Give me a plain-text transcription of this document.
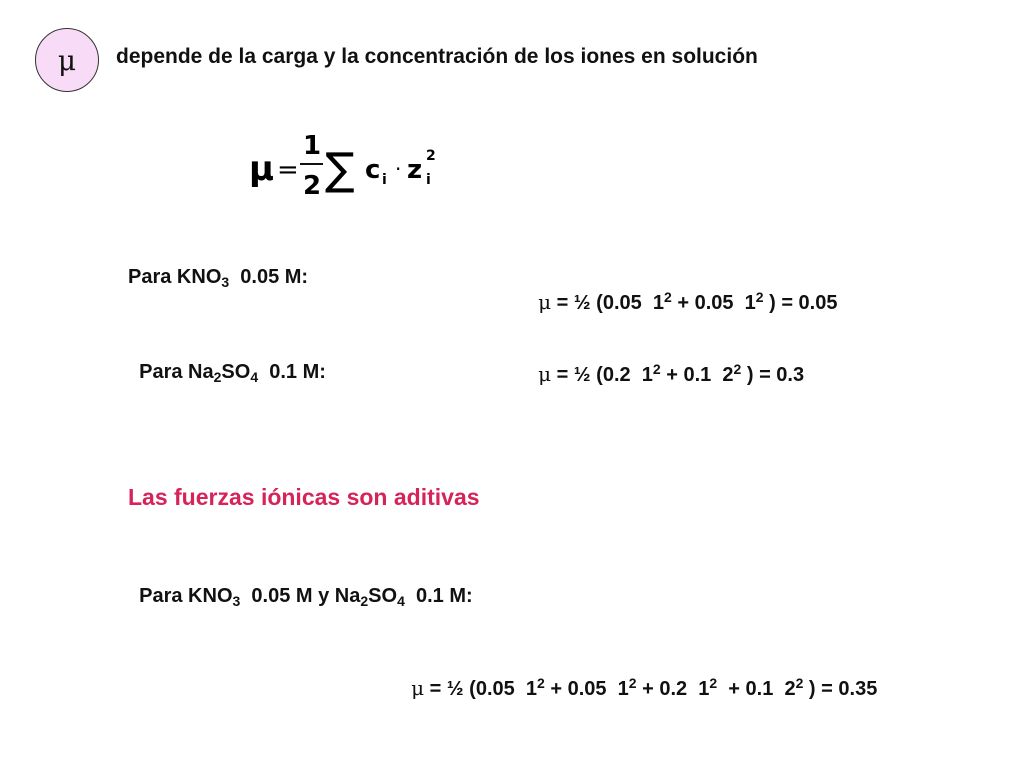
μ depende de la carga y la concentración de los iones en solución
μ =
1
2 ∑ c i · z 2
i
Para $KNO_3$  0.05 M:

μ = ½ (0.05  $1^2 + 0.05$  $1^2$ ) = 0.05

Para $Na_2SO_4$  0.1 M:	μ = ½ (0.2  $1^2 + 0.1$  $2^2$ ) = 0.3

Las fuerzas iónicas son aditivas

Para $KNO_3$  0.05 M y $Na_2SO_4$  0.1 M:

μ = ½ (0.05  $1^2 + 0.05$  $1^2 + 0.2$  $1^2 + 0.1$  $2^2$ ) = 0.35
